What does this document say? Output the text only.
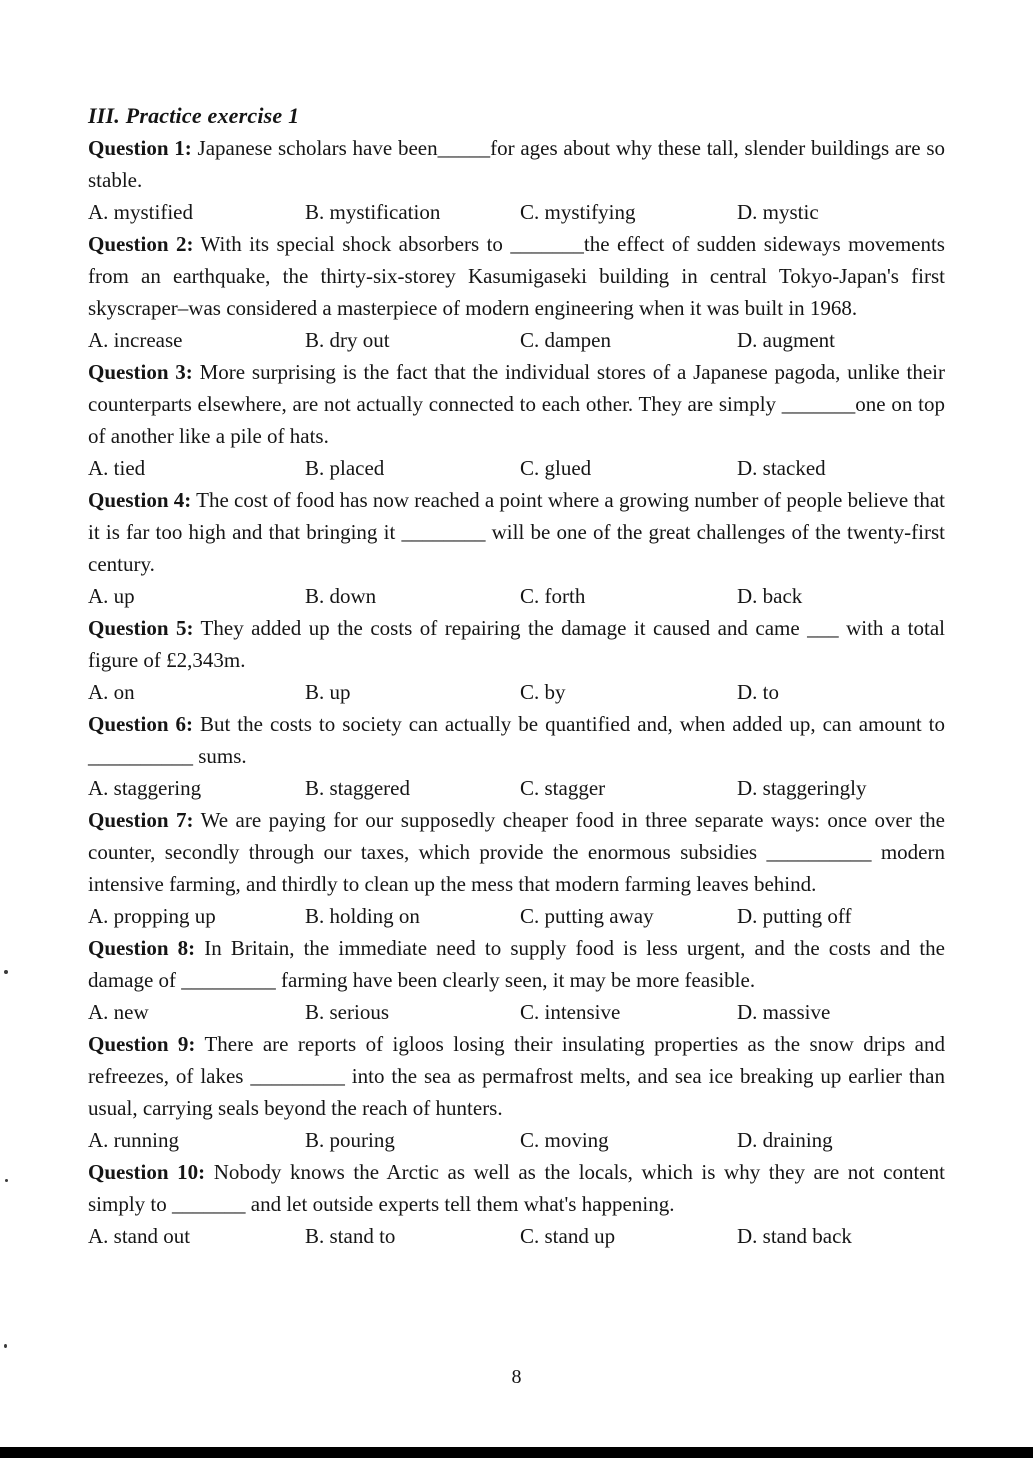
III. Practice exercise 1

Question 1: Japanese scholars have been_____for ages about why these tall, slender buildings are so stable.

A. mystified	B. mystification	C. mystifying	D. mystic

Question 2: With its special shock absorbers to _______the effect of sudden sideways movements from an earthquake, the thirty-six-storey Kasumigaseki building in central Tokyo-Japan's first skyscraper–was considered a masterpiece of modern engineering when it was built in 1968.

A. increase	B. dry out	C. dampen	D. augment

Question 3: More surprising is the fact that the individual stores of a Japanese pagoda, unlike their counterparts elsewhere, are not actually connected to each other. They are simply _______one on top of another like a pile of hats.

A. tied	B. placed	C. glued	D. stacked

Question 4: The cost of food has now reached a point where a growing number of people believe that it is far too high and that bringing it ________ will be one of the great challenges of the twenty-first century.

A. up	B. down	C. forth	D. back

Question 5: They added up the costs of repairing the damage it caused and came ___ with a total figure of £2,343m.

A. on	B. up	C. by	D. to

Question 6: But the costs to society can actually be quantified and, when added up, can amount to __________ sums.

A. staggering	B. staggered	C. stagger	D. staggeringly

Question 7: We are paying for our supposedly cheaper food in three separate ways: once over the counter, secondly through our taxes, which provide the enormous subsidies __________ modern intensive farming, and thirdly to clean up the mess that modern farming leaves behind.

A. propping up	B. holding on	C. putting away	D. putting off

Question 8: In Britain, the immediate need to supply food is less urgent, and the costs and the damage of _________ farming have been clearly seen, it may be more feasible.

A. new	B. serious	C. intensive	D. massive

Question 9: There are reports of igloos losing their insulating properties as the snow drips and refreezes, of lakes _________ into the sea as permafrost melts, and sea ice breaking up earlier than usual, carrying seals beyond the reach of hunters.

A. running	B. pouring	C. moving	D. draining

Question 10: Nobody knows the Arctic as well as the locals, which is why they are not content simply to _______ and let outside experts tell them what's happening.

A. stand out	B. stand to	C. stand up	D. stand back
8
